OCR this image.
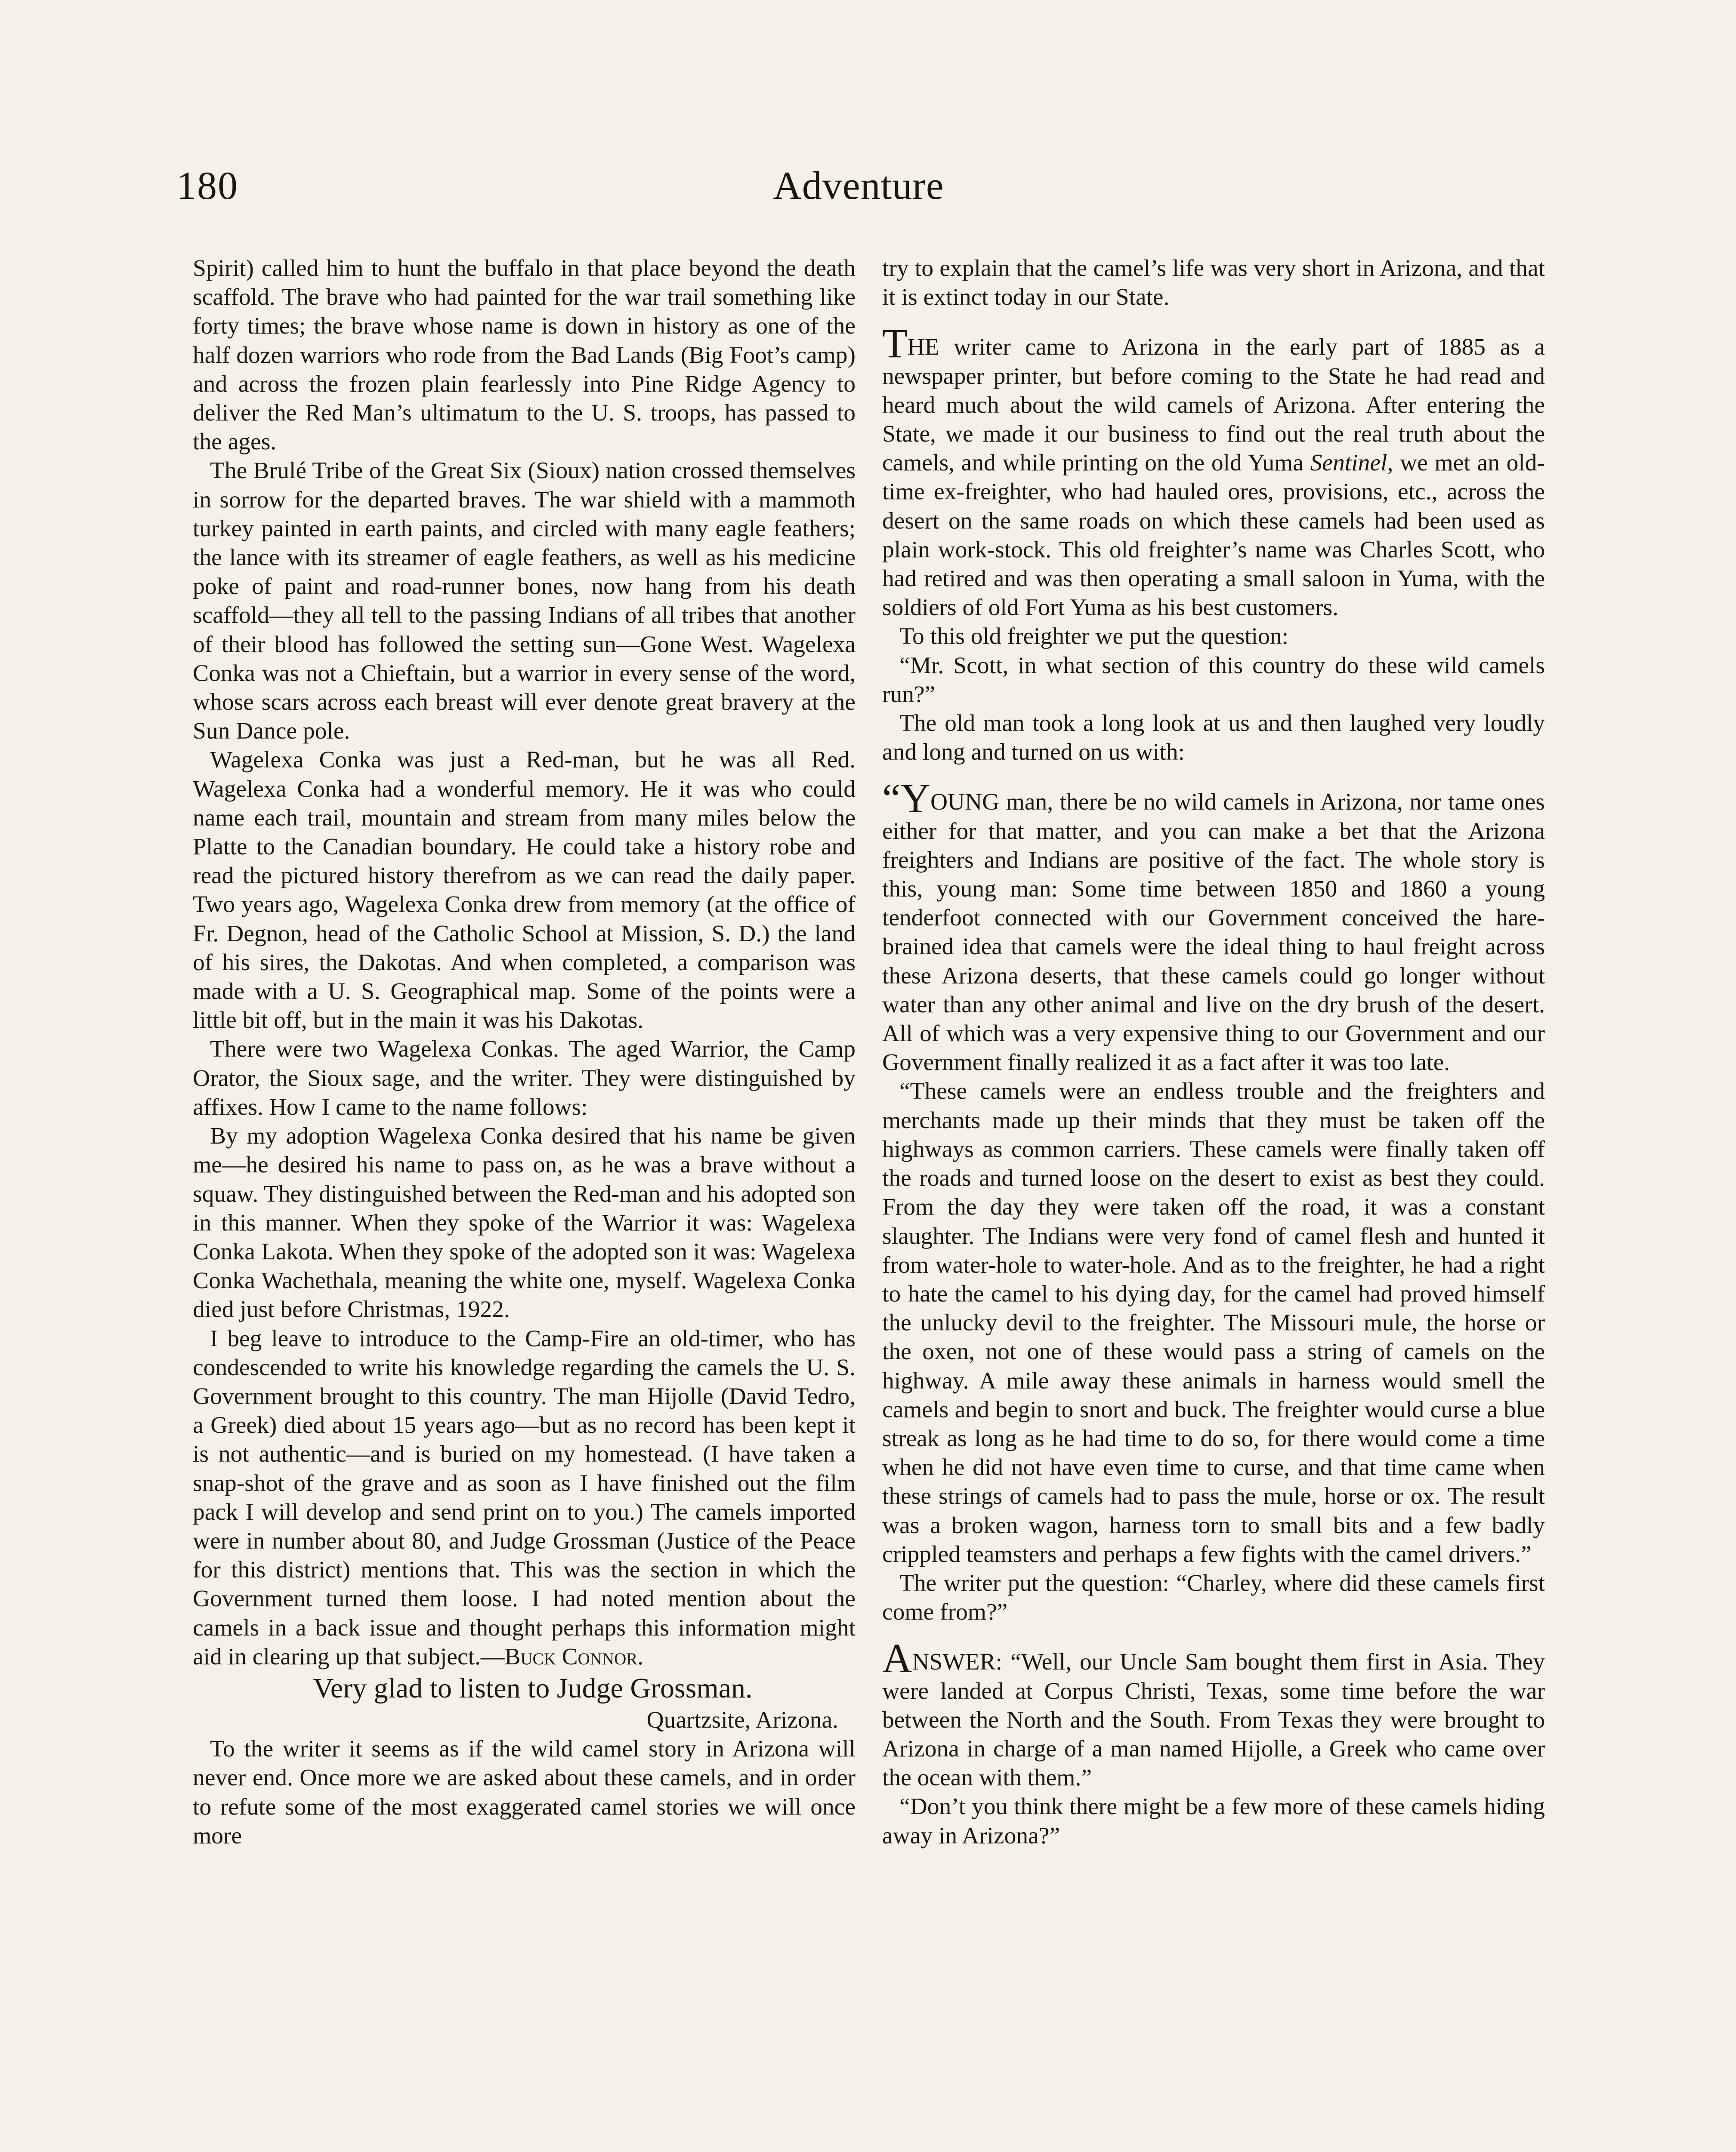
180	Adventure

Spirit) called him to hunt the buffalo in that place beyond the death scaffold. The brave who had painted for the war trail something like forty times; the brave whose name is down in history as one of the half dozen warriors who rode from the Bad Lands (Big Foot’s camp) and across the frozen plain fearlessly into Pine Ridge Agency to deliver the Red Man’s ultimatum to the U. S. troops, has passed to the ages.

The Brulé Tribe of the Great Six (Sioux) nation crossed themselves in sorrow for the departed braves. The war shield with a mammoth turkey painted in earth paints, and circled with many eagle feathers; the lance with its streamer of eagle feathers, as well as his medicine poke of paint and road-runner bones, now hang from his death scaffold—they all tell to the passing Indians of all tribes that another of their blood has followed the setting sun—Gone West. Wagelexa Conka was not a Chieftain, but a warrior in every sense of the word, whose scars across each breast will ever denote great bravery at the Sun Dance pole.

Wagelexa Conka was just a Red-man, but he was all Red. Wagelexa Conka had a wonderful memory. He it was who could name each trail, mountain and stream from many miles below the Platte to the Canadian boundary. He could take a history robe and read the pictured history therefrom as we can read the daily paper. Two years ago, Wagelexa Conka drew from memory (at the office of Fr. Degnon, head of the Catholic School at Mission, S. D.) the land of his sires, the Dakotas. And when completed, a comparison was made with a U. S. Geographical map. Some of the points were a little bit off, but in the main it was his Dakotas.

There were two Wagelexa Conkas. The aged Warrior, the Camp Orator, the Sioux sage, and the writer. They were distinguished by affixes. How I came to the name follows:

By my adoption Wagelexa Conka desired that his name be given me—he desired his name to pass on, as he was a brave without a squaw. They distinguished between the Red-man and his adopted son in this manner. When they spoke of the Warrior it was: Wagelexa Conka Lakota. When they spoke of the adopted son it was: Wagelexa Conka Wachethala, meaning the white one, myself. Wagelexa Conka died just before Christmas, 1922.

I beg leave to introduce to the Camp-Fire an old-timer, who has condescended to write his knowledge regarding the camels the U. S. Government brought to this country. The man Hijolle (David Tedro, a Greek) died about 15 years ago—but as no record has been kept it is not authentic—and is buried on my homestead. (I have taken a snap-shot of the grave and as soon as I have finished out the film pack I will develop and send print on to you.) The camels imported were in number about 80, and Judge Grossman (Justice of the Peace for this district) mentions that. This was the section in which the Government turned them loose. I had noted mention about the camels in a back issue and thought perhaps this information might aid in clearing up that subject.—Buck Connor.

Very glad to listen to Judge Grossman.

Quartzsite, Arizona.

To the writer it seems as if the wild camel story in Arizona will never end. Once more we are asked about these camels, and in order to refute some of the most exaggerated camel stories we will once more

try to explain that the camel’s life was very short in Arizona, and that it is extinct today in our State.

THE writer came to Arizona in the early part of 1885 as a newspaper printer, but before coming to the State he had read and heard much about the wild camels of Arizona. After entering the State, we made it our business to find out the real truth about the camels, and while printing on the old Yuma Sentinel, we met an old-time ex-freighter, who had hauled ores, provisions, etc., across the desert on the same roads on which these camels had been used as plain work-stock. This old freighter’s name was Charles Scott, who had retired and was then operating a small saloon in Yuma, with the soldiers of old Fort Yuma as his best customers.

To this old freighter we put the question:

“Mr. Scott, in what section of this country do these wild camels run?”

The old man took a long look at us and then laughed very loudly and long and turned on us with:

“YOUNG man, there be no wild camels in Arizona, nor tame ones either for that matter, and you can make a bet that the Arizona freighters and Indians are positive of the fact. The whole story is this, young man: Some time between 1850 and 1860 a young tenderfoot connected with our Government conceived the hare-brained idea that camels were the ideal thing to haul freight across these Arizona deserts, that these camels could go longer without water than any other animal and live on the dry brush of the desert. All of which was a very expensive thing to our Government and our Government finally realized it as a fact after it was too late.

“These camels were an endless trouble and the freighters and merchants made up their minds that they must be taken off the highways as common carriers. These camels were finally taken off the roads and turned loose on the desert to exist as best they could. From the day they were taken off the road, it was a constant slaughter. The Indians were very fond of camel flesh and hunted it from water-hole to water-hole. And as to the freighter, he had a right to hate the camel to his dying day, for the camel had proved himself the unlucky devil to the freighter. The Missouri mule, the horse or the oxen, not one of these would pass a string of camels on the highway. A mile away these animals in harness would smell the camels and begin to snort and buck. The freighter would curse a blue streak as long as he had time to do so, for there would come a time when he did not have even time to curse, and that time came when these strings of camels had to pass the mule, horse or ox. The result was a broken wagon, harness torn to small bits and a few badly crippled teamsters and perhaps a few fights with the camel drivers.”

The writer put the question: “Charley, where did these camels first come from?”

ANSWER: “Well, our Uncle Sam bought them first in Asia. They were landed at Corpus Christi, Texas, some time before the war between the North and the South. From Texas they were brought to Arizona in charge of a man named Hijolle, a Greek who came over the ocean with them.”

“Don’t you think there might be a few more of these camels hiding away in Arizona?”
